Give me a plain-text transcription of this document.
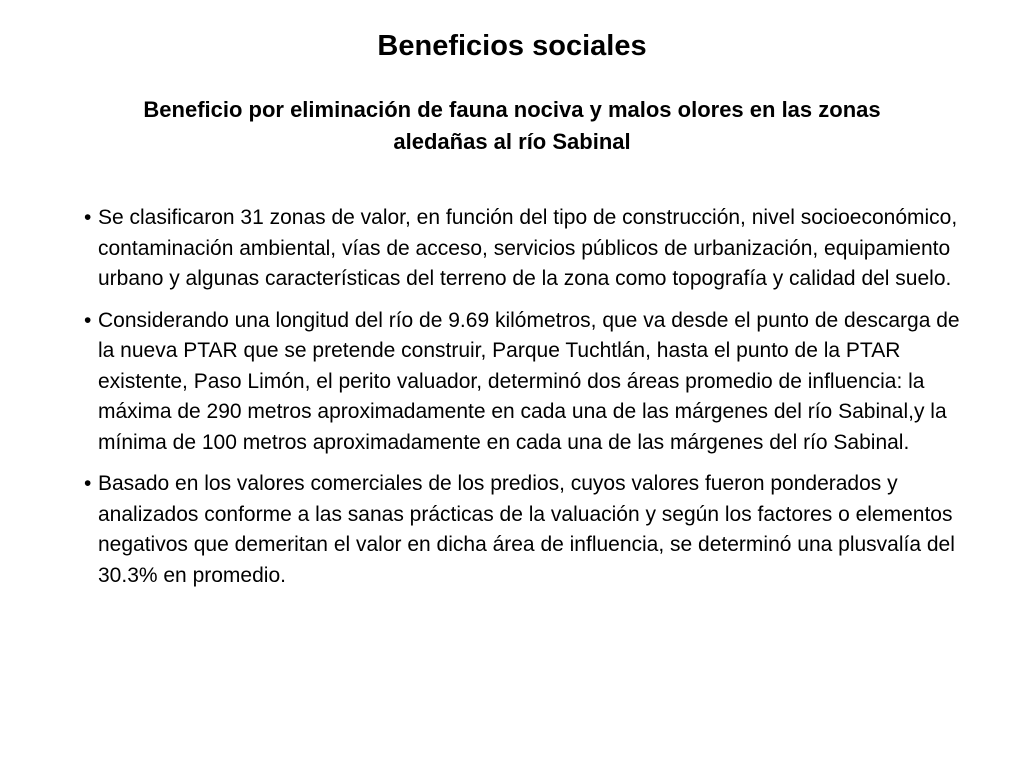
Beneficios sociales
Beneficio por eliminación de fauna nociva y malos olores en las zonas aledañas al río Sabinal
• Se clasificaron 31 zonas de valor, en función del tipo de construcción, nivel socioeconómico, contaminación ambiental, vías de acceso, servicios públicos de urbanización, equipamiento urbano y algunas características del terreno de la zona como topografía y calidad del suelo.
• Considerando una longitud del río de 9.69 kilómetros, que va desde el punto de descarga de la nueva PTAR que se pretende construir, Parque Tuchtlán, hasta el punto de la PTAR existente, Paso Limón, el perito valuador, determinó dos áreas promedio de influencia: la máxima de 290 metros aproximadamente en cada una de las márgenes del río Sabinal,y la mínima de 100 metros aproximadamente en cada una de las márgenes del río Sabinal.
• Basado en los valores comerciales de los predios, cuyos valores fueron ponderados y analizados conforme a las sanas prácticas de la valuación y según los factores o elementos negativos que demeritan el valor en dicha área de influencia, se determinó una plusvalía del 30.3% en promedio.
